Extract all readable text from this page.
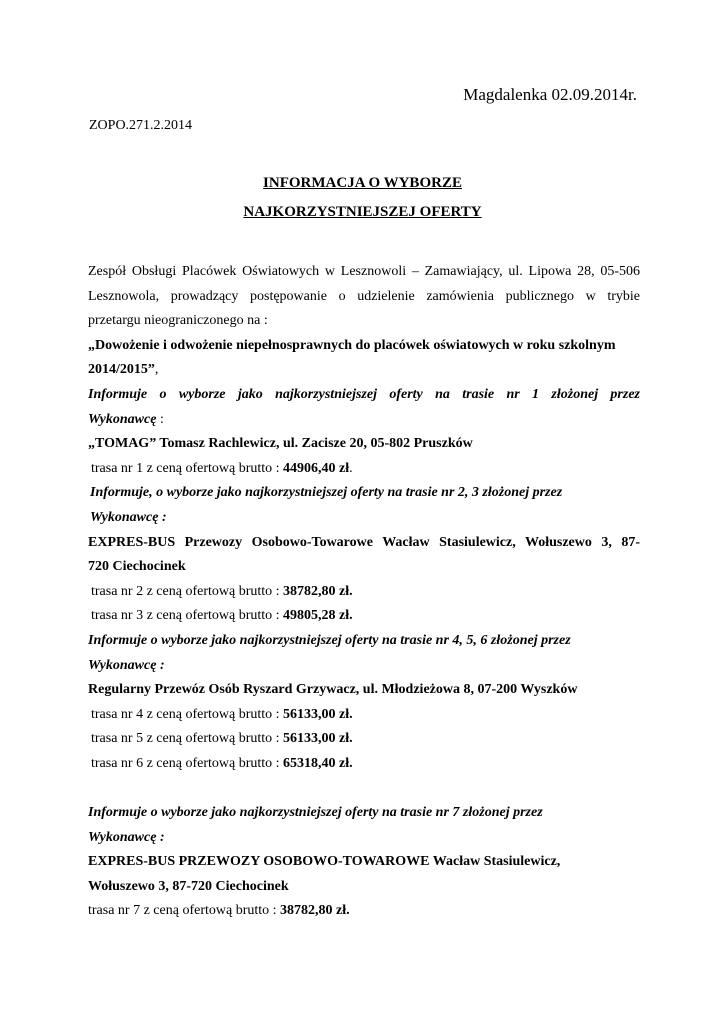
Magdalenka 02.09.2014r.
ZOPO.271.2.2014
INFORMACJA O WYBORZE
NAJKORZYSTNIEJSZEJ OFERTY
Zespół Obsługi Placówek Oświatowych w Lesznowoli – Zamawiający, ul. Lipowa 28, 05-506
Lesznowola, prowadzący postępowanie o udzielenie zamówienia publicznego w trybie
przetargu nieograniczonego na :
„Dowożenie i odwożenie niepełnosprawnych do placówek oświatowych w roku szkolnym
2014/2015”,
Informuje o wyborze jako najkorzystniejszej oferty na trasie nr 1 złożonej przez
Wykonawcę :
„TOMAG” Tomasz Rachlewicz, ul. Zacisze 20, 05-802 Pruszków
trasa nr 1 z ceną ofertową brutto : 44906,40 zł.
Informuje, o wyborze jako najkorzystniejszej oferty na trasie nr 2, 3 złożonej przez
Wykonawcę :
EXPRES-BUS Przewozy Osobowo-Towarowe Wacław Stasiulewicz, Wołuszewo 3, 87-
720 Ciechocinek
trasa nr 2 z ceną ofertową brutto : 38782,80 zł.
trasa nr 3 z ceną ofertową brutto : 49805,28 zł.
Informuje o wyborze jako najkorzystniejszej oferty na trasie nr 4, 5, 6 złożonej przez
Wykonawcę :
Regularny Przewóz Osób Ryszard Grzywacz, ul. Młodzieżowa 8, 07-200 Wyszków
trasa nr 4 z ceną ofertową brutto : 56133,00 zł.
trasa nr 5 z ceną ofertową brutto : 56133,00 zł.
trasa nr 6 z ceną ofertową brutto : 65318,40 zł.
Informuje o wyborze jako najkorzystniejszej oferty na trasie nr 7 złożonej przez
Wykonawcę :
EXPRES-BUS PRZEWOZY OSOBOWO-TOWAROWE Wacław Stasiulewicz,
Wołuszewo 3, 87-720 Ciechocinek
trasa nr 7 z ceną ofertową brutto : 38782,80 zł.
